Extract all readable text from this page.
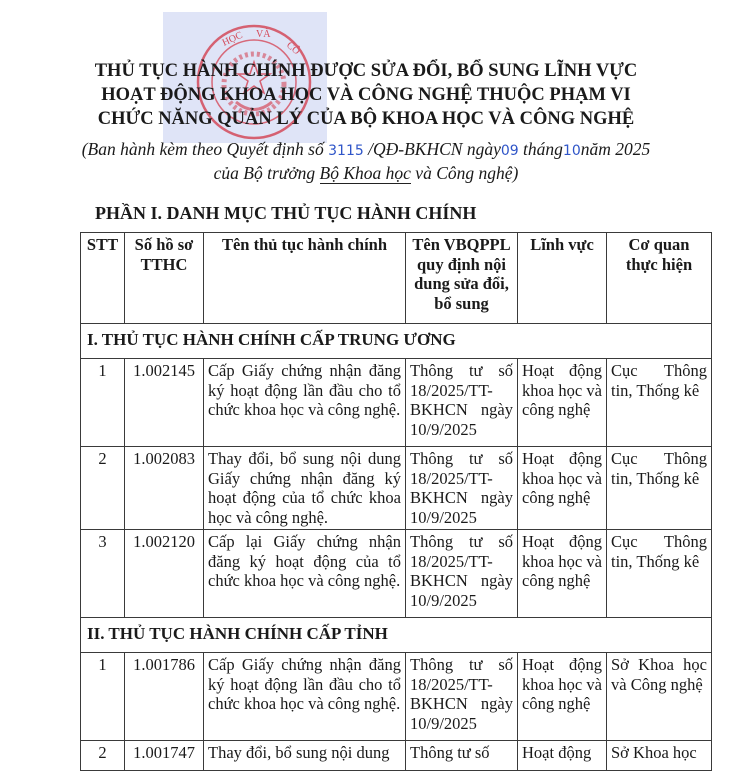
HỌC VÀ
CÔ
THỦ TỤC HÀNH CHÍNH ĐƯỢC SỬA ĐỔI, BỔ SUNG LĨNH VỰC
HOẠT ĐỘNG KHOA HỌC VÀ CÔNG NGHỆ THUỘC PHẠM VI
CHỨC NĂNG QUẢN LÝ CỦA BỘ KHOA HỌC VÀ CÔNG NGHỆ
(Ban hành kèm theo Quyết định số 3115 /QĐ-BKHCN ngày09 tháng10năm 2025
của Bộ trưởng Bộ Khoa học và Công nghệ)
PHẦN I. DANH MỤC THỦ TỤC HÀNH CHÍNH
STT	Số hồ sơ TTHC	Tên thủ tục hành chính	Tên VBQPPL quy định nội dung sửa đổi, bổ sung	Lĩnh vực	Cơ quan thực hiện
I. THỦ TỤC HÀNH CHÍNH CẤP TRUNG ƯƠNG					
1	1.002145	Cấp Giấy chứng nhận đăng ký hoạt động lần đầu cho tổ chức khoa học và công nghệ.	Thông tư số 18/2025/TT-BKHCN ngày 10/9/2025	Hoạt động khoa học và công nghệ	Cục Thông tin, Thống kê
2	1.002083	Thay đổi, bổ sung nội dung Giấy chứng nhận đăng ký hoạt động của tổ chức khoa học và công nghệ.	Thông tư số 18/2025/TT-BKHCN ngày 10/9/2025	Hoạt động khoa học và công nghệ	Cục Thông tin, Thống kê
3	1.002120	Cấp lại Giấy chứng nhận đăng ký hoạt động của tổ chức khoa học và công nghệ.	Thông tư số 18/2025/TT-BKHCN ngày 10/9/2025	Hoạt động khoa học và công nghệ	Cục Thông tin, Thống kê
II. THỦ TỤC HÀNH CHÍNH CẤP TỈNH					
1	1.001786	Cấp Giấy chứng nhận đăng ký hoạt động lần đầu cho tổ chức khoa học và công nghệ.	Thông tư số 18/2025/TT-BKHCN ngày 10/9/2025	Hoạt động khoa học và công nghệ	Sở Khoa học và Công nghệ
2	1.001747	Thay đổi, bổ sung nội dung	Thông tư số	Hoạt động	Sở Khoa học
